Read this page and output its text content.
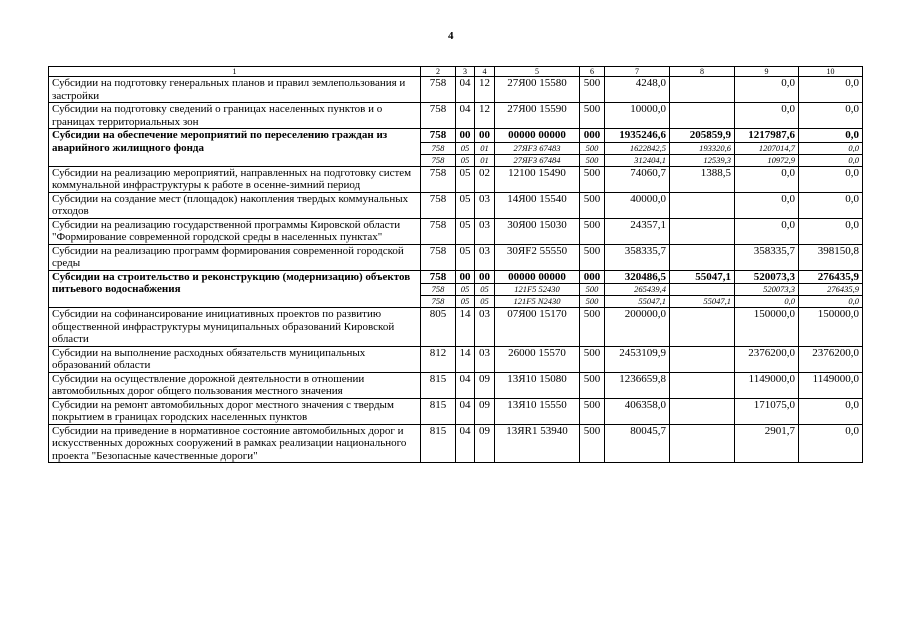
4
1	2	3	4	5	6	7	8	9	10
Субсидии на подготовку генеральных планов и правил землепользования и застройки	758	04	12	27Я00 15580	500	4248,0		0,0	0,0
Субсидии на подготовку сведений о границах населенных пунктов и о границах территориальных зон	758	04	12	27Я00 15590	500	10000,0		0,0	0,0
Субсидии на обеспечение мероприятий по переселению граждан из аварийного жилищного фонда	758	00	00	00000 00000	000	1935246,6	205859,9	1217987,6	0,0
	758	05	01	27ЯF3 67483	500	1622842,5	193320,6	1207014,7	0,0
	758	05	01	27ЯF3 67484	500	312404,1	12539,3	10972,9	0,0
Субсидии на реализацию мероприятий, направленных на подготовку систем коммунальной инфраструктуры к работе в осенне-зимний период	758	05	02	12100 15490	500	74060,7	1388,5	0,0	0,0
Субсидии на создание мест (площадок) накопления твердых коммунальных отходов	758	05	03	14Я00 15540	500	40000,0		0,0	0,0
Субсидии на реализацию государственной программы Кировской области "Формирование современной городской среды в населенных пунктах"	758	05	03	30Я00 15030	500	24357,1		0,0	0,0
Субсидии на реализацию программ формирования современной городской среды	758	05	03	30ЯF2 55550	500	358335,7		358335,7	398150,8
Субсидии на строительство и реконструкцию (модернизацию) объектов питьевого водоснабжения	758	00	00	00000 00000	000	320486,5	55047,1	520073,3	276435,9
	758	05	05	121F5 52430	500	265439,4		520073,3	276435,9
	758	05	05	121F5 N2430	500	55047,1	55047,1	0,0	0,0
Субсидии на софинансирование инициативных проектов по развитию общественной инфраструктуры муниципальных образований Кировской области	805	14	03	07Я00 15170	500	200000,0		150000,0	150000,0
Субсидии на выполнение расходных обязательств муниципальных образований области	812	14	03	26000 15570	500	2453109,9		2376200,0	2376200,0
Субсидии на осуществление дорожной деятельности в отношении автомобильных дорог общего пользования местного значения	815	04	09	13Я10 15080	500	1236659,8		1149000,0	1149000,0
Субсидии на ремонт автомобильных дорог местного значения с твердым покрытием в границах городских населенных пунктов	815	04	09	13Я10 15550	500	406358,0		171075,0	0,0
Субсидии на приведение в нормативное состояние автомобильных дорог и искусственных дорожных сооружений в рамках реализации национального проекта "Безопасные качественные дороги"	815	04	09	13ЯR1 53940	500	80045,7		2901,7	0,0
